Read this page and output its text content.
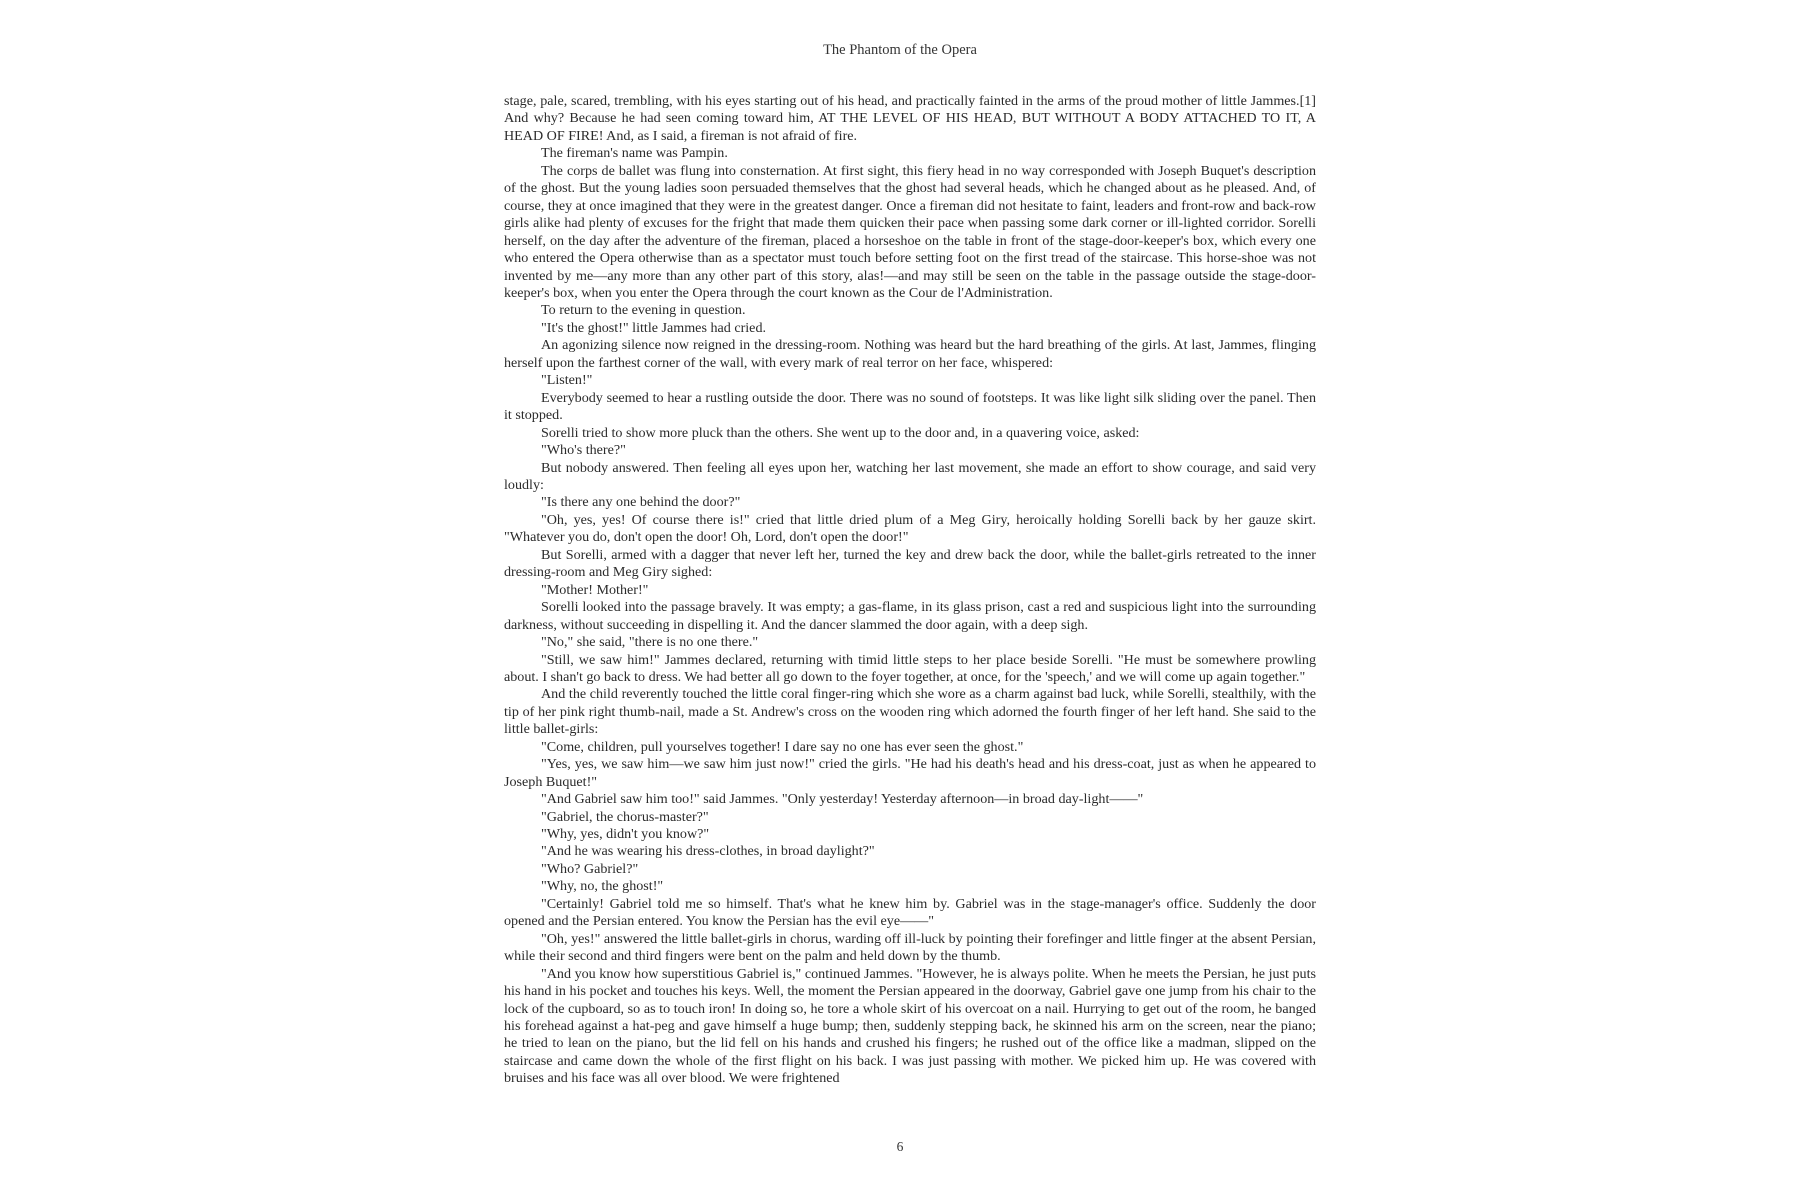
The Phantom of the Opera

stage, pale, scared, trembling, with his eyes starting out of his head, and practically fainted in the arms of the proud mother of little Jammes.[1] And why? Because he had seen coming toward him, AT THE LEVEL OF HIS HEAD, BUT WITHOUT A BODY ATTACHED TO IT, A HEAD OF FIRE! And, as I said, a fireman is not afraid of fire.

The fireman's name was Pampin.

The corps de ballet was flung into consternation. At first sight, this fiery head in no way corresponded with Joseph Buquet's description of the ghost. But the young ladies soon persuaded themselves that the ghost had several heads, which he changed about as he pleased. And, of course, they at once imagined that they were in the greatest danger. Once a fireman did not hesitate to faint, leaders and front-row and back-row girls alike had plenty of excuses for the fright that made them quicken their pace when passing some dark corner or ill-lighted corridor. Sorelli herself, on the day after the adventure of the fireman, placed a horseshoe on the table in front of the stage-door-keeper's box, which every one who entered the Opera otherwise than as a spectator must touch before setting foot on the first tread of the staircase. This horse-shoe was not invented by me—any more than any other part of this story, alas!—and may still be seen on the table in the passage outside the stage-door-keeper's box, when you enter the Opera through the court known as the Cour de l'Administration.

To return to the evening in question.

"It's the ghost!" little Jammes had cried.

An agonizing silence now reigned in the dressing-room. Nothing was heard but the hard breathing of the girls. At last, Jammes, flinging herself upon the farthest corner of the wall, with every mark of real terror on her face, whispered:

"Listen!"

Everybody seemed to hear a rustling outside the door. There was no sound of footsteps. It was like light silk sliding over the panel. Then it stopped.

Sorelli tried to show more pluck than the others. She went up to the door and, in a quavering voice, asked:

"Who's there?"

But nobody answered. Then feeling all eyes upon her, watching her last movement, she made an effort to show courage, and said very loudly:

"Is there any one behind the door?"

"Oh, yes, yes! Of course there is!" cried that little dried plum of a Meg Giry, heroically holding Sorelli back by her gauze skirt. "Whatever you do, don't open the door! Oh, Lord, don't open the door!"

But Sorelli, armed with a dagger that never left her, turned the key and drew back the door, while the ballet-girls retreated to the inner dressing-room and Meg Giry sighed:

"Mother! Mother!"

Sorelli looked into the passage bravely. It was empty; a gas-flame, in its glass prison, cast a red and suspicious light into the surrounding darkness, without succeeding in dispelling it. And the dancer slammed the door again, with a deep sigh.

"No," she said, "there is no one there."

"Still, we saw him!" Jammes declared, returning with timid little steps to her place beside Sorelli. "He must be somewhere prowling about. I shan't go back to dress. We had better all go down to the foyer together, at once, for the 'speech,' and we will come up again together."

And the child reverently touched the little coral finger-ring which she wore as a charm against bad luck, while Sorelli, stealthily, with the tip of her pink right thumb-nail, made a St. Andrew's cross on the wooden ring which adorned the fourth finger of her left hand. She said to the little ballet-girls:

"Come, children, pull yourselves together! I dare say no one has ever seen the ghost."

"Yes, yes, we saw him—we saw him just now!" cried the girls. "He had his death's head and his dress-coat, just as when he appeared to Joseph Buquet!"

"And Gabriel saw him too!" said Jammes. "Only yesterday! Yesterday afternoon—in broad day-light——"

"Gabriel, the chorus-master?"

"Why, yes, didn't you know?"

"And he was wearing his dress-clothes, in broad daylight?"

"Who? Gabriel?"

"Why, no, the ghost!"

"Certainly! Gabriel told me so himself. That's what he knew him by. Gabriel was in the stage-manager's office. Suddenly the door opened and the Persian entered. You know the Persian has the evil eye——"

"Oh, yes!" answered the little ballet-girls in chorus, warding off ill-luck by pointing their forefinger and little finger at the absent Persian, while their second and third fingers were bent on the palm and held down by the thumb.

"And you know how superstitious Gabriel is," continued Jammes. "However, he is always polite. When he meets the Persian, he just puts his hand in his pocket and touches his keys. Well, the moment the Persian appeared in the doorway, Gabriel gave one jump from his chair to the lock of the cupboard, so as to touch iron! In doing so, he tore a whole skirt of his overcoat on a nail. Hurrying to get out of the room, he banged his forehead against a hat-peg and gave himself a huge bump; then, suddenly stepping back, he skinned his arm on the screen, near the piano; he tried to lean on the piano, but the lid fell on his hands and crushed his fingers; he rushed out of the office like a madman, slipped on the staircase and came down the whole of the first flight on his back. I was just passing with mother. We picked him up. He was covered with bruises and his face was all over blood. We were frightened

6
